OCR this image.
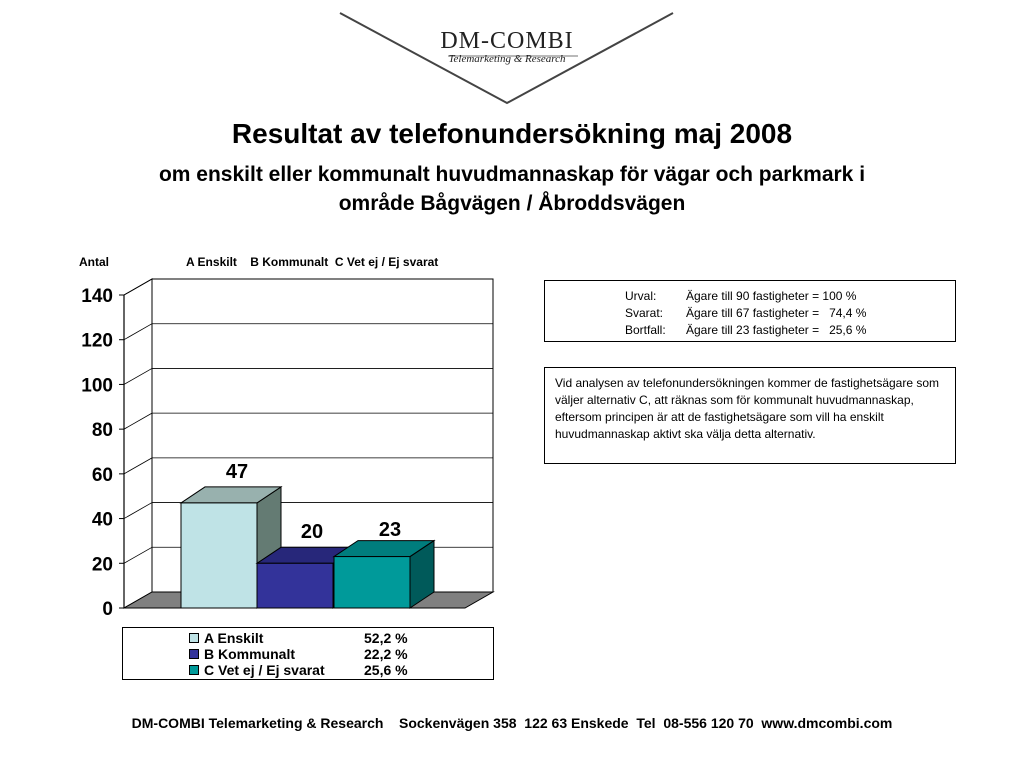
DM-COMBI
Telemarketing & Research
Resultat av telefonundersökning maj 2008
om enskilt eller kommunalt huvudmannaskap för vägar och parkmark i
område Bågvägen / Åbroddsvägen
Antal	A Enskilt    B Kommunalt  C Vet ej / Ej svarat
0
20
40
60
80
100
120
140
47
20	23
A Enskilt	52,2 %
B Kommunalt	22,2 %
C Vet ej / Ej svarat	25,6 %
Urval:	Ägare till 90 fastigheter = 100 %
Svarat:	Ägare till 67 fastigheter =   74,4 %
Bortfall:	Ägare till 23 fastigheter =   25,6 %
Vid analysen av telefonundersökningen kommer de fastighetsägare som väljer alternativ C, att räknas som för kommunalt huvudmannaskap, eftersom principen är att de fastighetsägare som vill ha enskilt huvudmannaskap aktivt ska välja detta alternativ.
DM-COMBI Telemarketing & Research    Sockenvägen 358  122 63 Enskede  Tel  08-556 120 70  www.dmcombi.com
